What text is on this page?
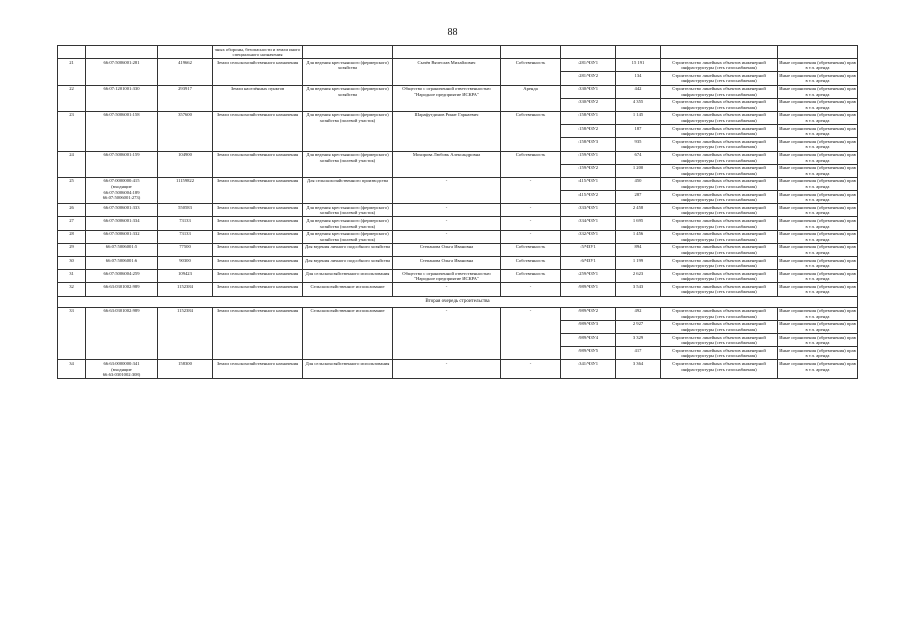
88
			чных обороны, безопасности и земли иного специального назначения							
21	66:07:5006001:281	419662	Земли сельскохозяйственного назначения	Для ведения крестьянского (фермерского) хозяйства	Сычёв Вячеслав Михайлович	Собственность	:281/ЧЗУ1	15 191	Строительство линейных объектов инженерной инфраструктуры (сеть газоснабжения)	Иные ограничения (обременения) прав в т.ч. аренда
							:281/ЧЗУ2	134	Строительство линейных объектов инженерной инфраструктуры (сеть газоснабжения)	Иные ограничения (обременения) прав в т.ч. аренда
22	66:07:1201001:330	293917	Земли населённых пунктов	Для ведения крестьянского (фермерского) хозяйства	Общество с ограниченной ответственностью "Народное предприятие ИСКРА"	Аренда	:330/ЧЗУ1	442	Строительство линейных объектов инженерной инфраструктуры (сеть газоснабжения)	Иные ограничения (обременения) прав в т.ч. аренда
							:330/ЧЗУ2	4 355	Строительство линейных объектов инженерной инфраструктуры (сеть газоснабжения)	Иные ограничения (обременения) прав в т.ч. аренда
23	66:07:5006001:158	357600	Земли сельскохозяйственного назначения	Для ведения крестьянского (фермерского) хозяйства (полевой участок)	Шарафутдинов Ринат Гарнаевич	Собственность	:158/ЧЗУ1	1 145	Строительство линейных объектов инженерной инфраструктуры (сеть газоснабжения)	Иные ограничения (обременения) прав в т.ч. аренда
							:158/ЧЗУ2	187	Строительство линейных объектов инженерной инфраструктуры (сеть газоснабжения)	Иные ограничения (обременения) прав в т.ч. аренда
							:158/ЧЗУ3	935	Строительство линейных объектов инженерной инфраструктуры (сеть газоснабжения)	Иные ограничения (обременения) прав в т.ч. аренда
24	66:07:5006001:159	104900	Земли сельскохозяйственного назначения	Для ведения крестьянского (фермерского) хозяйства (полевой участок)	Мохирова Любовь Александровна	Собственность	:159/ЧЗУ1	674	Строительство линейных объектов инженерной инфраструктуры (сеть газоснабжения)	Иные ограничения (обременения) прав в т.ч. аренда
							:159/ЧЗУ2	1 200	Строительство линейных объектов инженерной инфраструктуры (сеть газоснабжения)	Иные ограничения (обременения) прав в т.ч. аренда
25	66:07:0000000:415
(входящие
66:07:5006004:189
66:07:5006001:273)	11159822	Земли сельскохозяйственного назначения	Для сельскохозяйственного производства	-	-	:415/ЧЗУ1	450	Строительство линейных объектов инженерной инфраструктуры (сеть газоснабжения)	Иные ограничения (обременения) прав в т.ч. аренда
							:415/ЧЗУ2	287	Строительство линейных объектов инженерной инфраструктуры (сеть газоснабжения)	Иные ограничения (обременения) прав в т.ч. аренда
26	66:07:5006001:333	550583	Земли сельскохозяйственного назначения	Для ведения крестьянского (фермерского) хозяйства (полевой участок)	-	-	:333/ЧЗУ1	2 458	Строительство линейных объектов инженерной инфраструктуры (сеть газоснабжения)	Иные ограничения (обременения) прав в т.ч. аренда
27	66:07:5006001:334	73133	Земли сельскохозяйственного назначения	Для ведения крестьянского (фермерского) хозяйства (полевой участок)	-	-	:334/ЧЗУ1	1 695	Строительство линейных объектов инженерной инфраструктуры (сеть газоснабжения)	Иные ограничения (обременения) прав в т.ч. аренда
28	66:07:5006001:332	73133	Земли сельскохозяйственного назначения	Для ведения крестьянского (фермерского) хозяйства (полевой участок)	-	-	:332/ЧЗУ1	1 456	Строительство линейных объектов инженерной инфраструктуры (сеть газоснабжения)	Иные ограничения (обременения) прав в т.ч. аренда
29	66:07:5006001:5	77500	Земли сельскохозяйственного назначения	Для ведения личного подсобного хозяйства	Степанова Ольга Ивановна	Собственность	:5/ЧЗУ1	894	Строительство линейных объектов инженерной инфраструктуры (сеть газоснабжения)	Иные ограничения (обременения) прав в т.ч. аренда
30	66:07:5006001:6	90300	Земли сельскохозяйственного назначения	Для ведения личного подсобного хозяйства	Степанова Ольга Ивановна	Собственность	:6/ЧЗУ1	1 199	Строительство линейных объектов инженерной инфраструктуры (сеть газоснабжения)	Иные ограничения (обременения) прав в т.ч. аренда
31	66:07:5006004:259	109423	Земли сельскохозяйственного назначения	Для сельскохозяйственного использования	Общество с ограниченной ответственностью "Народное предприятие ИСКРА"	Собственность	:259/ЧЗУ1	2 623	Строительство линейных объектов инженерной инфраструктуры (сеть газоснабжения)	Иные ограничения (обременения) прав в т.ч. аренда
32	66:63:0301002:989	1152384	Земли сельскохозяйственного назначения	Сельскохозяйственное использование	-	-	:989/ЧЗУ1	3 543	Строительство линейных объектов инженерной инфраструктуры (сеть газоснабжения)	Иные ограничения (обременения) прав в т.ч. аренда
Вторая очередь строительства										
33	66:63:0301002:989	1152384	Земли сельскохозяйственного назначения	Сельскохозяйственное использование	-	-	:989/ЧЗУ2	492	Строительство линейных объектов инженерной инфраструктуры (сеть газоснабжения)	Иные ограничения (обременения) прав в т.ч. аренда
							:989/ЧЗУ3	2 927	Строительство линейных объектов инженерной инфраструктуры (сеть газоснабжения)	Иные ограничения (обременения) прав в т.ч. аренда
							:989/ЧЗУ4	3 329	Строительство линейных объектов инженерной инфраструктуры (сеть газоснабжения)	Иные ограничения (обременения) прав в т.ч. аренда
							:989/ЧЗУ5	417	Строительство линейных объектов инженерной инфраструктуры (сеть газоснабжения)	Иные ограничения (обременения) прав в т.ч. аренда
34	66:63:0000000:341
(входящие
66:63:0301002:308)	158300	Земли сельскохозяйственного назначения	Для сельскохозяйственного использования	-	-	:341/ЧЗУ1	3 364	Строительство линейных объектов инженерной инфраструктуры (сеть газоснабжения)	Иные ограничения (обременения) прав в т.ч. аренда
